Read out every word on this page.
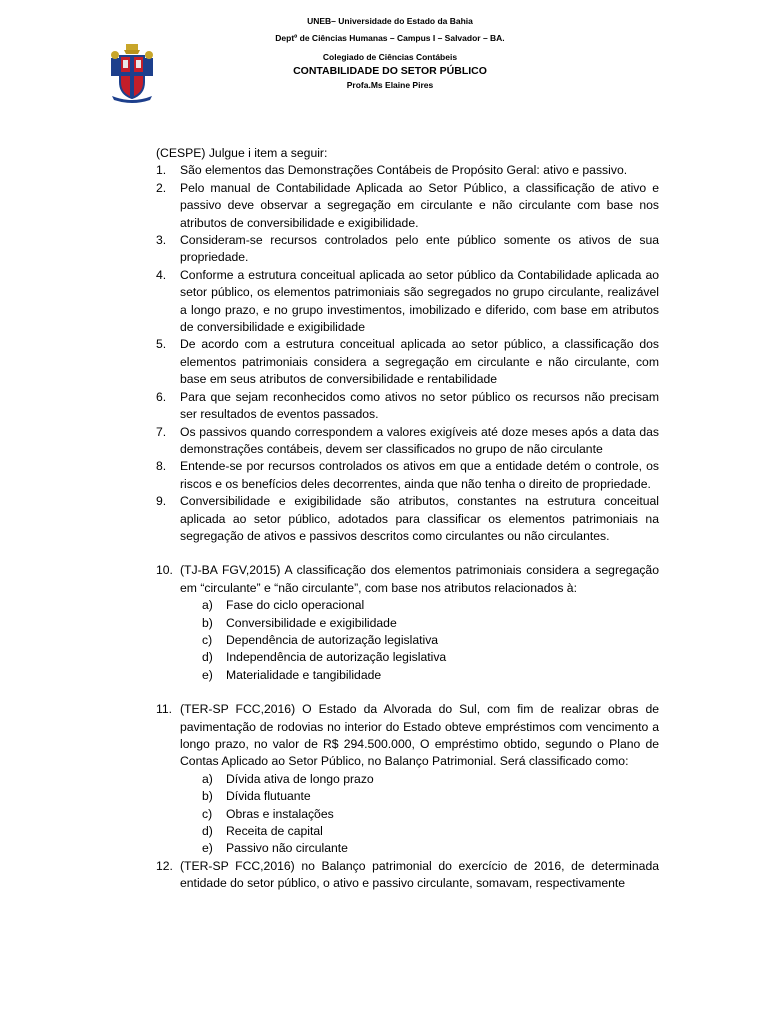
UNEB– Universidade do Estado da Bahia
Deptº de Ciências Humanas – Campus I – Salvador – BA.
Colegiado de Ciências Contábeis
CONTABILIDADE DO SETOR PÚBLICO
Profa.Ms Elaine Pires

(CESPE) Julgue i item a seguir:

1.	São elementos das Demonstrações Contábeis de Propósito Geral: ativo e passivo.
2.	Pelo manual de Contabilidade Aplicada ao Setor Público, a classificação de ativo e passivo deve observar a segregação em circulante e não circulante com base nos atributos de conversibilidade e exigibilidade.
3.	Consideram-se recursos controlados pelo ente público somente os ativos de sua propriedade.
4.	Conforme a estrutura conceitual aplicada ao setor público da Contabilidade aplicada ao setor público, os elementos patrimoniais são segregados no grupo circulante, realizável a longo prazo, e no grupo investimentos, imobilizado e diferido, com base em atributos de conversibilidade e exigibilidade
5.	De acordo com a estrutura conceitual aplicada ao setor público, a classificação dos elementos patrimoniais considera a segregação em circulante e não circulante, com base em seus atributos de conversibilidade e rentabilidade
6.	Para que sejam reconhecidos como ativos no setor público os recursos não precisam ser resultados de eventos passados.
7.	Os passivos quando correspondem a valores exigíveis até doze meses após a data das demonstrações contábeis, devem ser classificados no grupo de não circulante
8.	Entende-se por recursos controlados os ativos em que a entidade detém o controle, os riscos e os benefícios deles decorrentes, ainda que não tenha o direito de propriedade.
9.	Conversibilidade e exigibilidade são atributos, constantes na estrutura conceitual aplicada ao setor público, adotados para classificar os elementos patrimoniais na segregação de ativos e passivos descritos como circulantes ou não circulantes.
10. (TJ-BA FGV,2015) A classificação dos elementos patrimoniais considera a segregação em “circulante” e “não circulante”, com base nos atributos relacionados à:
a) Fase do ciclo operacional
b) Conversibilidade e exigibilidade
c) Dependência de autorização legislativa
d) Independência de autorização legislativa
e) Materialidade e tangibilidade
11. (TER-SP FCC,2016) O Estado da Alvorada do Sul, com fim de realizar obras de pavimentação de rodovias no interior do Estado obteve empréstimos com vencimento a longo prazo, no valor de R$ 294.500.000, O empréstimo obtido, segundo o Plano de Contas Aplicado ao Setor Público, no Balanço Patrimonial. Será classificado como:
a) Dívida ativa de longo prazo
b) Dívida flutuante
c) Obras e instalações
d) Receita de capital
e) Passivo não circulante
12. (TER-SP FCC,2016) no Balanço patrimonial do exercício de 2016, de determinada entidade do setor público, o ativo e passivo circulante, somavam, respectivamente
